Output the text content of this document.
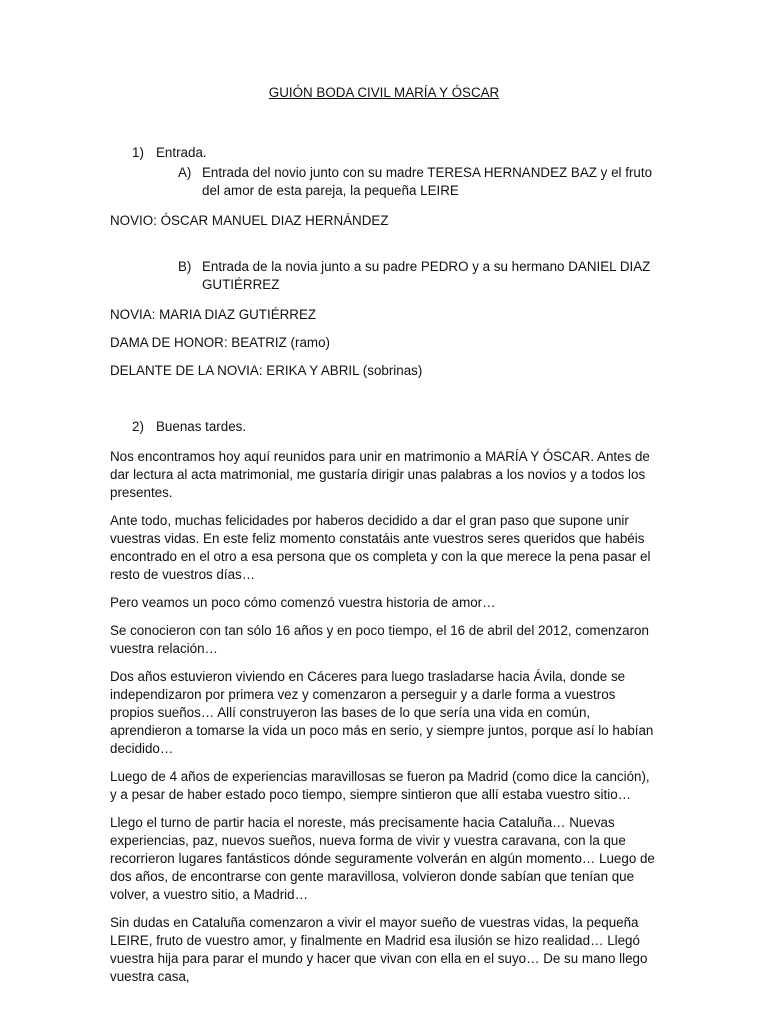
GUIÓN BODA CIVIL MARÍA Y ÓSCAR
1) Entrada.
A) Entrada del novio junto con su madre TERESA HERNANDEZ BAZ y el fruto del amor de esta pareja, la pequeña LEIRE

NOVIO: ÓSCAR MANUEL DIAZ HERNÁNDEZ

B) Entrada de la novia junto a su padre PEDRO y a su hermano DANIEL DIAZ GUTIÉRREZ

NOVIA: MARIA DIAZ GUTIÉRREZ

DAMA DE HONOR: BEATRIZ (ramo)

DELANTE DE LA NOVIA: ERIKA Y ABRIL (sobrinas)

2) Buenas tardes.

Nos encontramos hoy aquí reunidos para unir en matrimonio a MARÍA Y ÓSCAR. Antes de dar lectura al acta matrimonial, me gustaría dirigir unas palabras a los novios y a todos los presentes.

Ante todo, muchas felicidades por haberos decidido a dar el gran paso que supone unir vuestras vidas. En este feliz momento constatáis ante vuestros seres queridos que habéis encontrado en el otro a esa persona que os completa y con la que merece la pena pasar el resto de vuestros días…

Pero veamos un poco cómo comenzó vuestra historia de amor…

Se conocieron con tan sólo 16 años y en poco tiempo, el 16 de abril del 2012, comenzaron vuestra relación…

Dos años estuvieron viviendo en Cáceres para luego trasladarse hacia Ávila, donde se independizaron por primera vez y comenzaron a perseguir y a darle forma a vuestros propios sueños… Allí construyeron las bases de lo que sería una vida en común, aprendieron a tomarse la vida un poco más en serio, y siempre juntos, porque así lo habían decidido…

Luego de 4 años de experiencias maravillosas se fueron pa Madrid (como dice la canción), y a pesar de haber estado poco tiempo, siempre sintieron que allí estaba vuestro sitio…

Llego el turno de partir hacia el noreste, más precisamente hacia Cataluña… Nuevas experiencias, paz, nuevos sueños, nueva forma de vivir y vuestra caravana, con la que recorrieron lugares fantásticos dónde seguramente volverán en algún momento… Luego de dos años, de encontrarse con gente maravillosa, volvieron donde sabían que tenían que volver, a vuestro sitio, a Madrid…

Sin dudas en Cataluña comenzaron a vivir el mayor sueño de vuestras vidas, la pequeña LEIRE, fruto de vuestro amor, y finalmente en Madrid esa ilusión se hizo realidad… Llegó vuestra hija para parar el mundo y hacer que vivan con ella en el suyo… De su mano llego vuestra casa,
